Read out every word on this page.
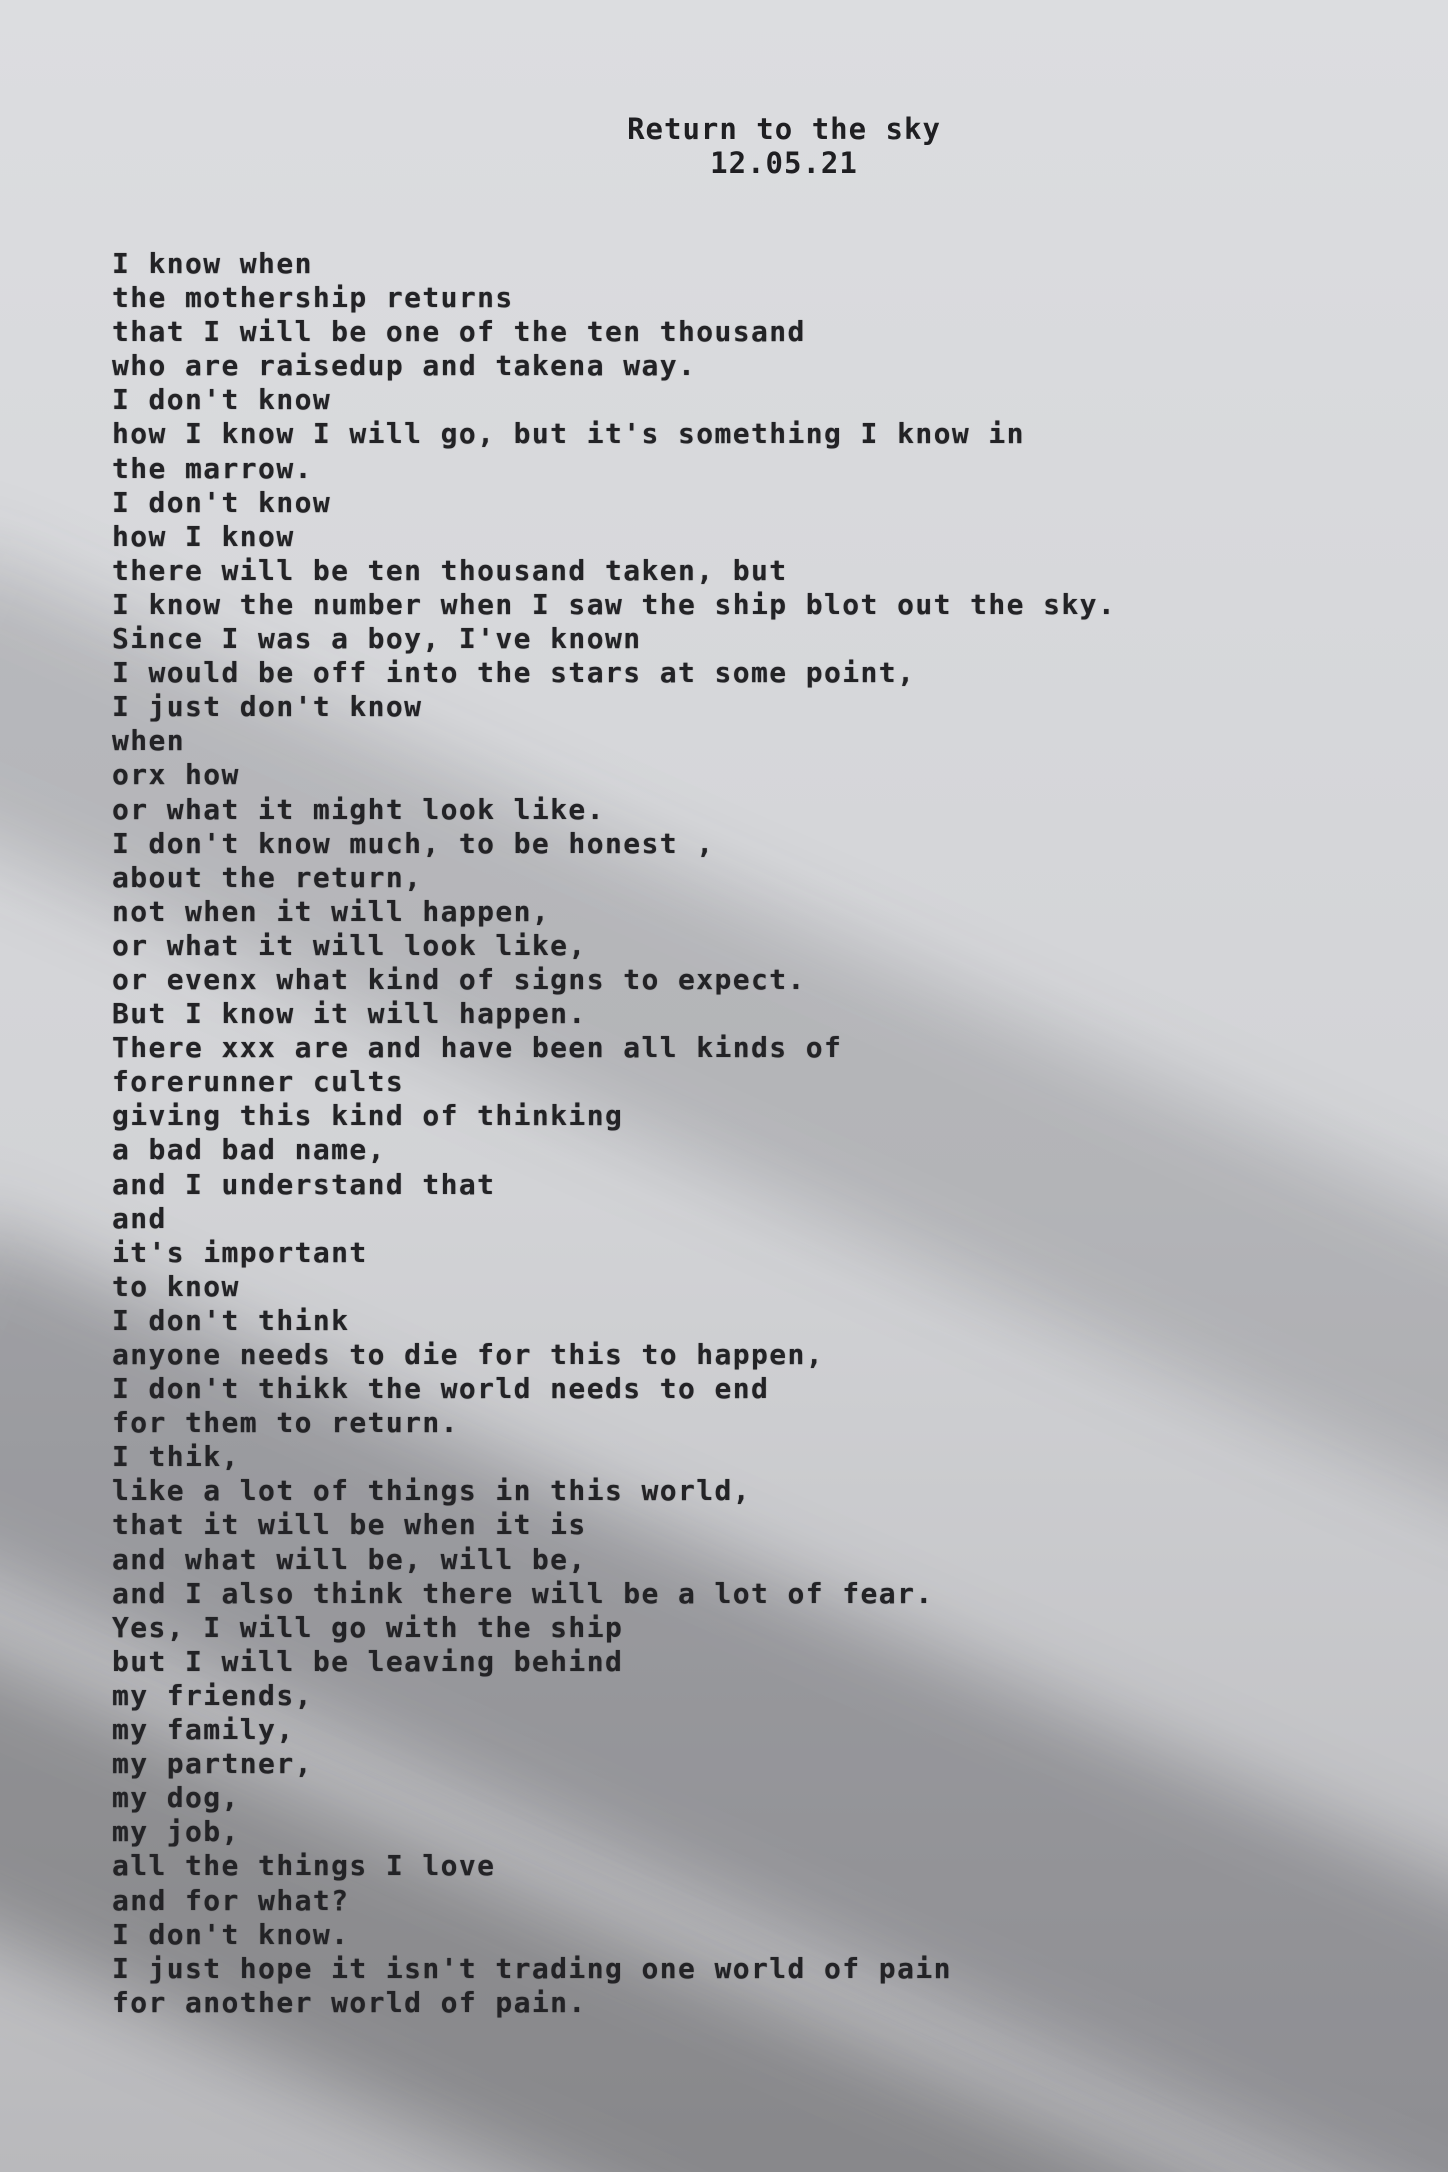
Return to the sky
12.05.21
I know when
the mothership returns
that I will be one of the ten thousand
who are raisedup and takena way.
I don't know
how I know I will go, but it's something I know in
the marrow.
I don't know
how I know
there will be ten thousand taken, but
I know the number when I saw the ship blot out the sky.
Since I was a boy, I've known
I would be off into the stars at some point,
I just don't know
when
orx how
or what it might look like.
I don't know much, to be honest ,
about the return,
not when it will happen,
or what it will look like,
or evenx what kind of signs to expect.
But I know it will happen.
There xxx are and have been all kinds of
forerunner cults
giving this kind of thinking
a bad bad name,
and I understand that
and
it's important
to know
I don't think
anyone needs to die for this to happen,
I don't thikk the world needs to end
for them to return.
I thik,
like a lot of things in this world,
that it will be when it is
and what will be, will be,
and I also think there will be a lot of fear.
Yes, I will go with the ship
but I will be leaving behind
my friends,
my family,
my partner,
my dog,
my job,
all the things I love
and for what?
I don't know.
I just hope it isn't trading one world of pain
for another world of pain.
